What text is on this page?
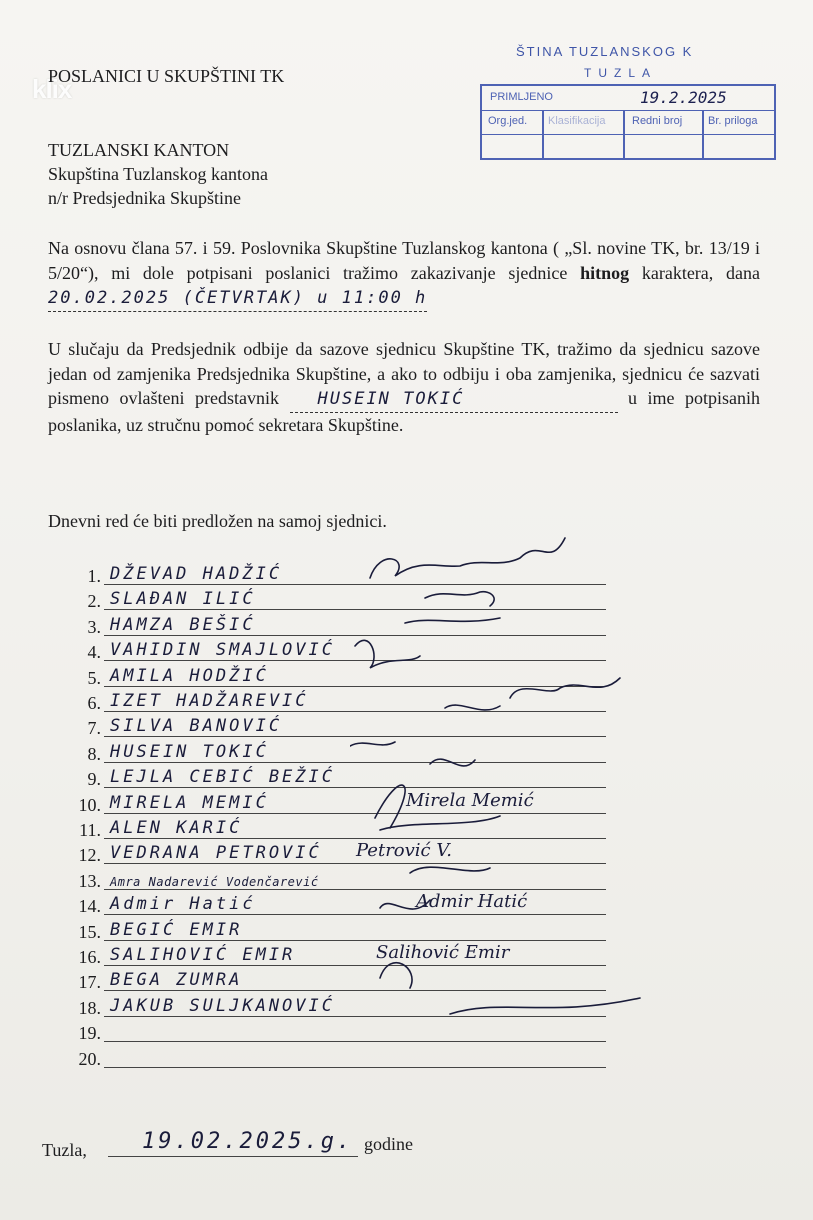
klix
POSLANICI U SKUPŠTINI TK
ŠTINA TUZLANSKOG K
TUZLA
PRIMLJENO	19.2.2025
Org.jed. Klasifikacija Redni broj Br. priloga
TUZLANSKI KANTON
Skupština Tuzlanskog kantona
n/r Predsjednika Skupštine
Na osnovu člana 57. i 59. Poslovnika Skupštine Tuzlanskog kantona ( „Sl. novine TK, br. 13/19 i 5/20“), mi dole potpisani poslanici tražimo zakazivanje sjednice hitnog karaktera, dana 20.02.2025 (ČETVRTAK) u 11:00 h
U slučaju da Predsjednik odbije da sazove sjednicu Skupštine TK, tražimo da sjednicu sazove jedan od zamjenika Predsjednika Skupštine, a ako to odbiju i oba zamjenika, sjednicu će sazvati pismeno ovlašteni predstavnik HUSEIN TOKIĆ	u ime potpisanih poslanika, uz stručnu pomoć sekretara Skupštine.
Dnevni red će biti predložen na samoj sjednici.
1. DŽEVAD HADŽIĆ
2. SLAĐAN ILIĆ
3. HAMZA BEŠIĆ
4. VAHIDIN SMAJLOVIĆ
5. AMILA HODŽIĆ
6. IZET HADŽAREVIĆ
7. SILVA BANOVIĆ
8. HUSEIN TOKIĆ
9. LEJLA CEBIĆ BEŽIĆ
10. MIRELA MEMIĆ	Mirela Memić
11. ALEN KARIĆ
12. VEDRANA PETROVIĆ Petrović V.
13. Amra Nadarević Vodenčarević
14. Admir Hatić	Admir Hatić
15. BEGIĆ EMIR
16. SALIHOVIĆ EMIR	Salihović Emir
17. BEGA ZUMRA
18. JAKUB SULJKANOVIĆ
19.
20.
Tuzla,	19.02.2025.g. godine
